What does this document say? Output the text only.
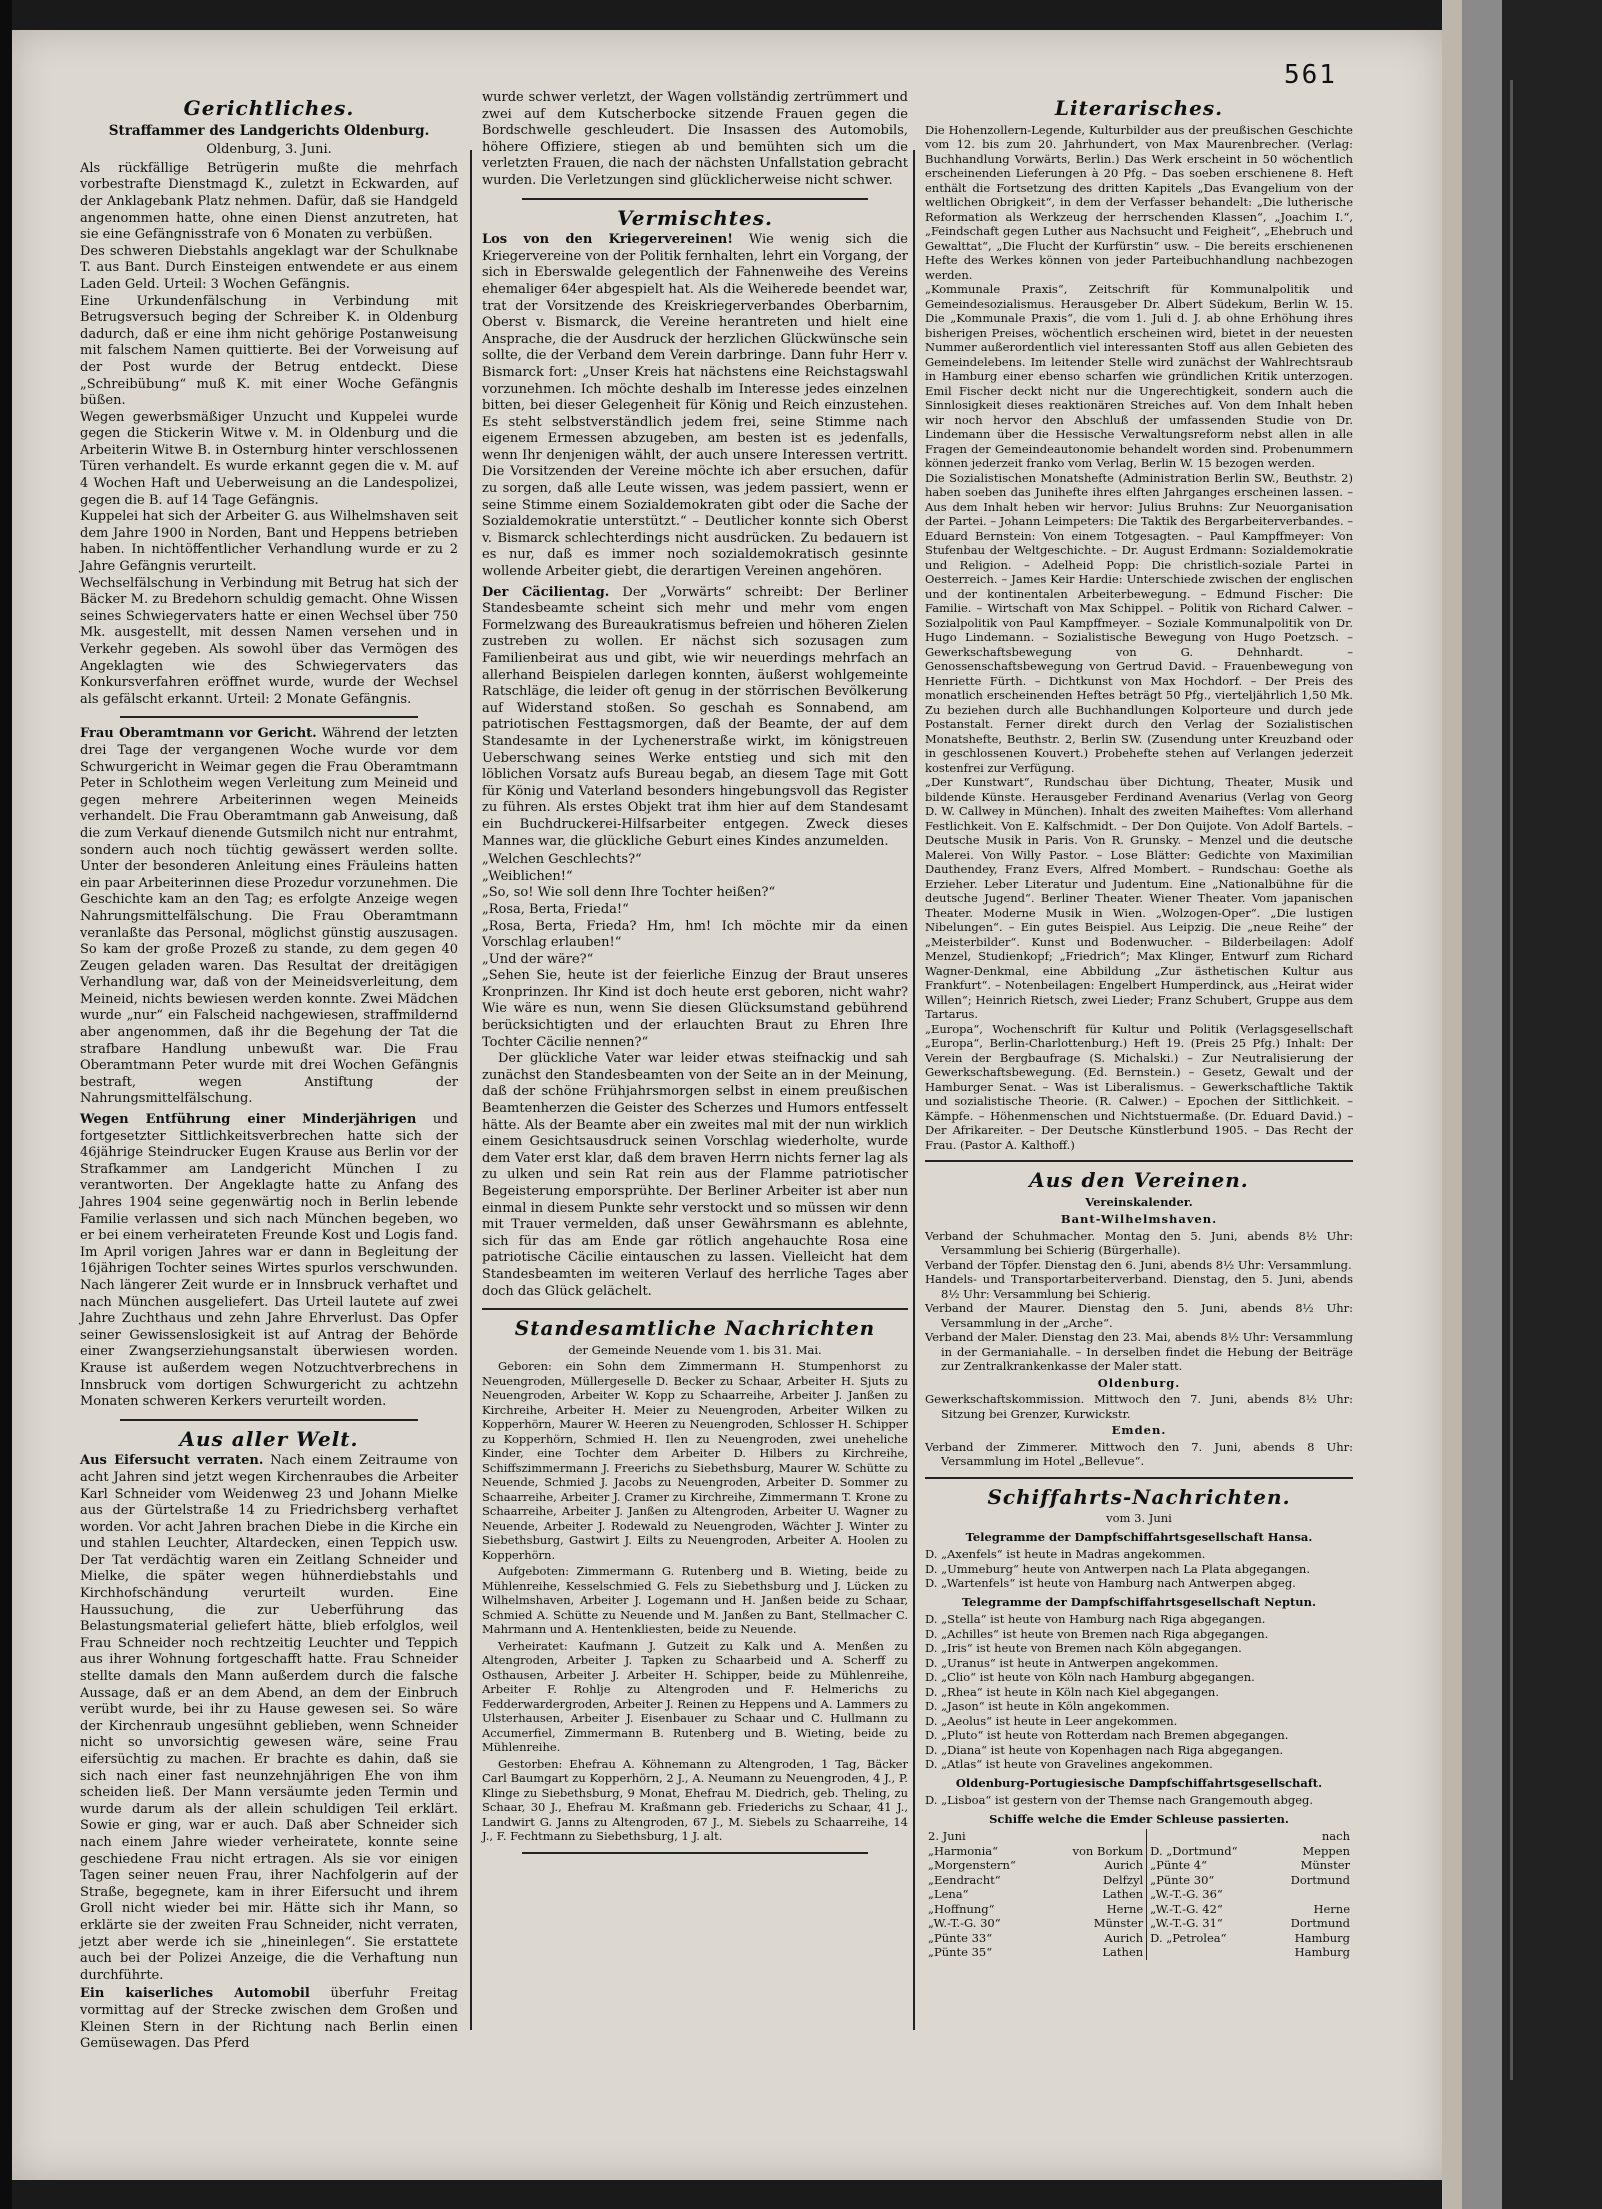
561
Gerichtliches.
Straffammer des Landgerichts Oldenburg.
Oldenburg, 3. Juni.

Als rückfällige Betrügerin mußte die mehrfach vorbestrafte Dienstmagd K., zuletzt in Eckwarden, auf der Anklagebank Platz nehmen. Dafür, daß sie Handgeld angenommen hatte, ohne einen Dienst anzutreten, hat sie eine Gefängnisstrafe von 6 Monaten zu verbüßen.

Des schweren Diebstahls angeklagt war der Schulknabe T. aus Bant. Durch Einsteigen entwendete er aus einem Laden Geld. Urteil: 3 Wochen Gefängnis.

Eine Urkundenfälschung in Verbindung mit Betrugsversuch beging der Schreiber K. in Oldenburg dadurch, daß er eine ihm nicht gehörige Postanweisung mit falschem Namen quittierte. Bei der Vorweisung auf der Post wurde der Betrug entdeckt. Diese „Schreibübung“ muß K. mit einer Woche Gefängnis büßen.

Wegen gewerbsmäßiger Unzucht und Kuppelei wurde gegen die Stickerin Witwe v. M. in Oldenburg und die Arbeiterin Witwe B. in Osternburg hinter verschlossenen Türen verhandelt. Es wurde erkannt gegen die v. M. auf 4 Wochen Haft und Ueberweisung an die Landespolizei, gegen die B. auf 14 Tage Gefängnis.

Kuppelei hat sich der Arbeiter G. aus Wilhelmshaven seit dem Jahre 1900 in Norden, Bant und Heppens betrieben haben. In nichtöffentlicher Verhandlung wurde er zu 2 Jahre Gefängnis verurteilt.

Wechselfälschung in Verbindung mit Betrug hat sich der Bäcker M. zu Bredehorn schuldig gemacht. Ohne Wissen seines Schwiegervaters hatte er einen Wechsel über 750 Mk. ausgestellt, mit dessen Namen versehen und in Verkehr gegeben. Als sowohl über das Vermögen des Angeklagten wie des Schwiegervaters das Konkursverfahren eröffnet wurde, wurde der Wechsel als gefälscht erkannt. Urteil: 2 Monate Gefängnis.

Frau Oberamtmann vor Gericht. Während der letzten drei Tage der vergangenen Woche wurde vor dem Schwurgericht in Weimar gegen die Frau Oberamtmann Peter in Schlotheim wegen Verleitung zum Meineid und gegen mehrere Arbeiterinnen wegen Meineids verhandelt. Die Frau Oberamtmann gab Anweisung, daß die zum Verkauf dienende Gutsmilch nicht nur entrahmt, sondern auch noch tüchtig gewässert werden sollte. Unter der besonderen Anleitung eines Fräuleins hatten ein paar Arbeiterinnen diese Prozedur vorzunehmen. Die Geschichte kam an den Tag; es erfolgte Anzeige wegen Nahrungsmittelfälschung. Die Frau Oberamtmann veranlaßte das Personal, möglichst günstig auszusagen. So kam der große Prozeß zu stande, zu dem gegen 40 Zeugen geladen waren. Das Resultat der dreitägigen Verhandlung war, daß von der Meineidsverleitung, dem Meineid, nichts bewiesen werden konnte. Zwei Mädchen wurde „nur“ ein Falscheid nachgewiesen, straffmildernd aber angenommen, daß ihr die Begehung der Tat die strafbare Handlung unbewußt war. Die Frau Oberamtmann Peter wurde mit drei Wochen Gefängnis bestraft, wegen Anstiftung der Nahrungsmittelfälschung.

Wegen Entführung einer Minderjährigen und fortgesetzter Sittlichkeitsverbrechen hatte sich der 46jährige Steindrucker Eugen Krause aus Berlin vor der Strafkammer am Landgericht München I zu verantworten. Der Angeklagte hatte zu Anfang des Jahres 1904 seine gegenwärtig noch in Berlin lebende Familie verlassen und sich nach München begeben, wo er bei einem verheirateten Freunde Kost und Logis fand. Im April vorigen Jahres war er dann in Begleitung der 16jährigen Tochter seines Wirtes spurlos verschwunden. Nach längerer Zeit wurde er in Innsbruck verhaftet und nach München ausgeliefert. Das Urteil lautete auf zwei Jahre Zuchthaus und zehn Jahre Ehrverlust. Das Opfer seiner Gewissenslosigkeit ist auf Antrag der Behörde einer Zwangserziehungsanstalt überwiesen worden. Krause ist außerdem wegen Notzuchtverbrechens in Innsbruck vom dortigen Schwurgericht zu achtzehn Monaten schweren Kerkers verurteilt worden.

Aus aller Welt.

Aus Eifersucht verraten. Nach einem Zeitraume von acht Jahren sind jetzt wegen Kirchenraubes die Arbeiter Karl Schneider vom Weidenweg 23 und Johann Mielke aus der Gürtelstraße 14 zu Friedrichsberg verhaftet worden. Vor acht Jahren brachen Diebe in die Kirche ein und stahlen Leuchter, Altardecken, einen Teppich usw. Der Tat verdächtig waren ein Zeitlang Schneider und Mielke, die später wegen hühnerdiebstahls und Kirchhofschändung verurteilt wurden. Eine Haussuchung, die zur Ueberführung das Belastungsmaterial geliefert hätte, blieb erfolglos, weil Frau Schneider noch rechtzeitig Leuchter und Teppich aus ihrer Wohnung fortgeschafft hatte. Frau Schneider stellte damals den Mann außerdem durch die falsche Aussage, daß er an dem Abend, an dem der Einbruch verübt wurde, bei ihr zu Hause gewesen sei. So wäre der Kirchenraub ungesühnt geblieben, wenn Schneider nicht so unvorsichtig gewesen wäre, seine Frau eifersüchtig zu machen. Er brachte es dahin, daß sie sich nach einer fast neunzehnjährigen Ehe von ihm scheiden ließ. Der Mann versäumte jeden Termin und wurde darum als der allein schuldigen Teil erklärt. Sowie er ging, war er auch. Daß aber Schneider sich nach einem Jahre wieder verheiratete, konnte seine geschiedene Frau nicht ertragen. Als sie vor einigen Tagen seiner neuen Frau, ihrer Nachfolgerin auf der Straße, begegnete, kam in ihrer Eifersucht und ihrem Groll nicht wieder bei mir. Hätte sich ihr Mann, so erklärte sie der zweiten Frau Schneider, nicht verraten, jetzt aber werde ich sie „hineinlegen“. Sie erstattete auch bei der Polizei Anzeige, die die Verhaftung nun durchführte.

Ein kaiserliches Automobil überfuhr Freitag vormittag auf der Strecke zwischen dem Großen und Kleinen Stern in der Richtung nach Berlin einen Gemüsewagen. Das Pferd

wurde schwer verletzt, der Wagen vollständig zertrümmert und zwei auf dem Kutscherbocke sitzende Frauen gegen die Bordschwelle geschleudert. Die Insassen des Automobils, höhere Offiziere, stiegen ab und bemühten sich um die verletzten Frauen, die nach der nächsten Unfallstation gebracht wurden. Die Verletzungen sind glücklicherweise nicht schwer.

Vermischtes.

Los von den Kriegervereinen! Wie wenig sich die Kriegervereine von der Politik fernhalten, lehrt ein Vorgang, der sich in Eberswalde gelegentlich der Fahnenweihe des Vereins ehemaliger 64er abgespielt hat. Als die Weiherede beendet war, trat der Vorsitzende des Kreiskriegerverbandes Oberbarnim, Oberst v. Bismarck, die Vereine herantreten und hielt eine Ansprache, die der Ausdruck der herzlichen Glückwünsche sein sollte, die der Verband dem Verein darbringe. Dann fuhr Herr v. Bismarck fort: „Unser Kreis hat nächstens eine Reichstagswahl vorzunehmen. Ich möchte deshalb im Interesse jedes einzelnen bitten, bei dieser Gelegenheit für König und Reich einzustehen. Es steht selbstverständlich jedem frei, seine Stimme nach eigenem Ermessen abzugeben, am besten ist es jedenfalls, wenn Ihr denjenigen wählt, der auch unsere Interessen vertritt. Die Vorsitzenden der Vereine möchte ich aber ersuchen, dafür zu sorgen, daß alle Leute wissen, was jedem passiert, wenn er seine Stimme einem Sozialdemokraten gibt oder die Sache der Sozialdemokratie unterstützt.“ – Deutlicher konnte sich Oberst v. Bismarck schlechterdings nicht ausdrücken. Zu bedauern ist es nur, daß es immer noch sozialdemokratisch gesinnte wollende Arbeiter giebt, die derartigen Vereinen angehören.

Der Cäcilientag. Der „Vorwärts“ schreibt: Der Berliner Standesbeamte scheint sich mehr und mehr vom engen Formelzwang des Bureaukratismus befreien und höheren Zielen zustreben zu wollen. Er nächst sich sozusagen zum Familienbeirat aus und gibt, wie wir neuerdings mehrfach an allerhand Beispielen darlegen konnten, äußerst wohlgemeinte Ratschläge, die leider oft genug in der störrischen Bevölkerung auf Widerstand stoßen. So geschah es Sonnabend, am patriotischen Festtagsmorgen, daß der Beamte, der auf dem Standesamte in der Lychenerstraße wirkt, im königstreuen Ueberschwang seines Werke entstieg und sich mit den löblichen Vorsatz aufs Bureau begab, an diesem Tage mit Gott für König und Vaterland besonders hingebungsvoll das Register zu führen. Als erstes Objekt trat ihm hier auf dem Standesamt ein Buchdruckerei-Hilfsarbeiter entgegen. Zweck dieses Mannes war, die glückliche Geburt eines Kindes anzumelden.

„Welchen Geschlechts?“

„Weiblichen!“

„So, so! Wie soll denn Ihre Tochter heißen?“

„Rosa, Berta, Frieda!“

„Rosa, Berta, Frieda? Hm, hm! Ich möchte mir da einen Vorschlag erlauben!“

„Und der wäre?“

„Sehen Sie, heute ist der feierliche Einzug der Braut unseres Kronprinzen. Ihr Kind ist doch heute erst geboren, nicht wahr? Wie wäre es nun, wenn Sie diesen Glücksumstand gebührend berücksichtigten und der erlauchten Braut zu Ehren Ihre Tochter Cäcilie nennen?“

Der glückliche Vater war leider etwas steifnackig und sah zunächst den Standesbeamten von der Seite an in der Meinung, daß der schöne Frühjahrsmorgen selbst in einem preußischen Beamtenherzen die Geister des Scherzes und Humors entfesselt hätte. Als der Beamte aber ein zweites mal mit der nun wirklich einem Gesichtsausdruck seinen Vorschlag wiederholte, wurde dem Vater erst klar, daß dem braven Herrn nichts ferner lag als zu ulken und sein Rat rein aus der Flamme patriotischer Begeisterung emporsprühte. Der Berliner Arbeiter ist aber nun einmal in diesem Punkte sehr verstockt und so müssen wir denn mit Trauer vermelden, daß unser Gewährsmann es ablehnte, sich für das am Ende gar rötlich angehauchte Rosa eine patriotische Cäcilie eintauschen zu lassen. Vielleicht hat dem Standesbeamten im weiteren Verlauf des herrliche Tages aber doch das Glück gelächelt.

Standesamtliche Nachrichten
der Gemeinde Neuende vom 1. bis 31. Mai.

Geboren: ein Sohn dem Zimmermann H. Stumpenhorst zu Neuengroden, Müllergeselle D. Becker zu Schaar, Arbeiter H. Sjuts zu Neuengroden, Arbeiter W. Kopp zu Schaarreihe, Arbeiter J. Janßen zu Kirchreihe, Arbeiter H. Meier zu Neuengroden, Arbeiter Wilken zu Kopperhörn, Maurer W. Heeren zu Neuengroden, Schlosser H. Schipper zu Kopperhörn, Schmied H. Ilen zu Neuengroden, zwei uneheliche Kinder, eine Tochter dem Arbeiter D. Hilbers zu Kirchreihe, Schiffszimmermann J. Freerichs zu Siebethsburg, Maurer W. Schütte zu Neuende, Schmied J. Jacobs zu Neuengroden, Arbeiter D. Sommer zu Schaarreihe, Arbeiter J. Cramer zu Kirchreihe, Zimmermann T. Krone zu Schaarreihe, Arbeiter J. Janßen zu Altengroden, Arbeiter U. Wagner zu Neuende, Arbeiter J. Rodewald zu Neuengroden, Wächter J. Winter zu Siebethsburg, Gastwirt J. Eilts zu Neuengroden, Arbeiter A. Hoolen zu Kopperhörn.

Aufgeboten: Zimmermann G. Rutenberg und B. Wieting, beide zu Mühlenreihe, Kesselschmied G. Fels zu Siebethsburg und J. Lücken zu Wilhelmshaven, Arbeiter J. Logemann und H. Janßen beide zu Schaar, Schmied A. Schütte zu Neuende und M. Janßen zu Bant, Stellmacher C. Mahrmann und A. Hentenkliesten, beide zu Neuende.

Verheiratet: Kaufmann J. Gutzeit zu Kalk und A. Menßen zu Altengroden, Arbeiter J. Tapken zu Schaarbeid und A. Scherff zu Osthausen, Arbeiter J. Arbeiter H. Schipper, beide zu Mühlenreihe, Arbeiter F. Rohlje zu Altengroden und F. Helmerichs zu Fedderwardergroden, Arbeiter J. Reinen zu Heppens und A. Lammers zu Ulsterhausen, Arbeiter J. Eisenbauer zu Schaar und C. Hullmann zu Accumerfiel, Zimmermann B. Rutenberg und B. Wieting, beide zu Mühlenreihe.

Gestorben: Ehefrau A. Köhnemann zu Altengroden, 1 Tag, Bäcker Carl Baumgart zu Kopperhörn, 2 J., A. Neumann zu Neuengroden, 4 J., P. Klinge zu Siebethsburg, 9 Monat, Ehefrau M. Diedrich, geb. Theling, zu Schaar, 30 J., Ehefrau M. Kraßmann geb. Friederichs zu Schaar, 41 J., Landwirt G. Janns zu Altengroden, 67 J., M. Siebels zu Schaarreihe, 14 J., F. Fechtmann zu Siebethsburg, 1 J. alt.

Literarisches.

Die Hohenzollern-Legende, Kulturbilder aus der preußischen Geschichte vom 12. bis zum 20. Jahrhundert, von Max Maurenbrecher. (Verlag: Buchhandlung Vorwärts, Berlin.) Das Werk erscheint in 50 wöchentlich erscheinenden Lieferungen à 20 Pfg. – Das soeben erschienene 8. Heft enthält die Fortsetzung des dritten Kapitels „Das Evangelium von der weltlichen Obrigkeit“, in dem der Verfasser behandelt: „Die lutherische Reformation als Werkzeug der herrschenden Klassen“, „Joachim I.“, „Feindschaft gegen Luther aus Nachsucht und Feigheit“, „Ehebruch und Gewalttat“, „Die Flucht der Kurfürstin“ usw. – Die bereits erschienenen Hefte des Werkes können von jeder Parteibuchhandlung nachbezogen werden.

„Kommunale Praxis“, Zeitschrift für Kommunalpolitik und Gemeindesozialismus. Herausgeber Dr. Albert Südekum, Berlin W. 15. Die „Kommunale Praxis“, die vom 1. Juli d. J. ab ohne Erhöhung ihres bisherigen Preises, wöchentlich erscheinen wird, bietet in der neuesten Nummer außerordentlich viel interessanten Stoff aus allen Gebieten des Gemeindelebens. Im leitender Stelle wird zunächst der Wahlrechtsraub in Hamburg einer ebenso scharfen wie gründlichen Kritik unterzogen. Emil Fischer deckt nicht nur die Ungerechtigkeit, sondern auch die Sinnlosigkeit dieses reaktionären Streiches auf. Von dem Inhalt heben wir noch hervor den Abschluß der umfassenden Studie von Dr. Lindemann über die Hessische Verwaltungsreform nebst allen in alle Fragen der Gemeindeautonomie behandelt worden sind. Probenummern können jederzeit franko vom Verlag, Berlin W. 15 bezogen werden.

Die Sozialistischen Monatshefte (Administration Berlin SW., Beuthstr. 2) haben soeben das Junihefte ihres elften Jahrganges erscheinen lassen. – Aus dem Inhalt heben wir hervor: Julius Bruhns: Zur Neuorganisation der Partei. – Johann Leimpeters: Die Taktik des Bergarbeiterverbandes. – Eduard Bernstein: Von einem Totgesagten. – Paul Kampffmeyer: Von Stufenbau der Weltgeschichte. – Dr. August Erdmann: Sozialdemokratie und Religion. – Adelheid Popp: Die christlich-soziale Partei in Oesterreich. – James Keir Hardie: Unterschiede zwischen der englischen und der kontinentalen Arbeiterbewegung. – Edmund Fischer: Die Familie. – Wirtschaft von Max Schippel. – Politik von Richard Calwer. – Sozialpolitik von Paul Kampffmeyer. – Soziale Kommunalpolitik von Dr. Hugo Lindemann. – Sozialistische Bewegung von Hugo Poetzsch. – Gewerkschaftsbewegung von G. Dehnhardt. – Genossenschaftsbewegung von Gertrud David. – Frauenbewegung von Henriette Fürth. – Dichtkunst von Max Hochdorf. – Der Preis des monatlich erscheinenden Heftes beträgt 50 Pfg., vierteljährlich 1,50 Mk. Zu beziehen durch alle Buchhandlungen Kolporteure und durch jede Postanstalt. Ferner direkt durch den Verlag der Sozialistischen Monatshefte, Beuthstr. 2, Berlin SW. (Zusendung unter Kreuzband oder in geschlossenen Kouvert.) Probehefte stehen auf Verlangen jederzeit kostenfrei zur Verfügung.

„Der Kunstwart“, Rundschau über Dichtung, Theater, Musik und bildende Künste. Herausgeber Ferdinand Avenarius (Verlag von Georg D. W. Callwey in München). Inhalt des zweiten Maiheftes: Vom allerhand Festlichkeit. Von E. Kalfschmidt. – Der Don Quijote. Von Adolf Bartels. – Deutsche Musik in Paris. Von R. Grunsky. – Menzel und die deutsche Malerei. Von Willy Pastor. – Lose Blätter: Gedichte von Maximilian Dauthendey, Franz Evers, Alfred Mombert. – Rundschau: Goethe als Erzieher. Leber Literatur und Judentum. Eine „Nationalbühne für die deutsche Jugend“. Berliner Theater. Wiener Theater. Vom japanischen Theater. Moderne Musik in Wien. „Wolzogen-Oper“. „Die lustigen Nibelungen“. – Ein gutes Beispiel. Aus Leipzig. Die „neue Reihe“ der „Meisterbilder“. Kunst und Bodenwucher. – Bilderbeilagen: Adolf Menzel, Studienkopf; „Friedrich“; Max Klinger, Entwurf zum Richard Wagner-Denkmal, eine Abbildung „Zur ästhetischen Kultur aus Frankfurt“. – Notenbeilagen: Engelbert Humperdinck, aus „Heirat wider Willen“; Heinrich Rietsch, zwei Lieder; Franz Schubert, Gruppe aus dem Tartarus.

„Europa“, Wochenschrift für Kultur und Politik (Verlagsgesellschaft „Europa“, Berlin-Charlottenburg.) Heft 19. (Preis 25 Pfg.) Inhalt: Der Verein der Bergbaufrage (S. Michalski.) – Zur Neutralisierung der Gewerkschaftsbewegung. (Ed. Bernstein.) – Gesetz, Gewalt und der Hamburger Senat. – Was ist Liberalismus. – Gewerkschaftliche Taktik und sozialistische Theorie. (R. Calwer.) – Epochen der Sittlichkeit. – Kämpfe. – Höhenmenschen und Nichtstuermaße. (Dr. Eduard David.) – Der Afrikareiter. – Der Deutsche Künstlerbund 1905. – Das Recht der Frau. (Pastor A. Kalthoff.)

Aus den Vereinen.
Vereinskalender.
Bant-Wilhelmshaven.

Verband der Schuhmacher. Montag den 5. Juni, abends 8½ Uhr: Versammlung bei Schierig (Bürgerhalle).

Verband der Töpfer. Dienstag den 6. Juni, abends 8½ Uhr: Versammlung.

Handels- und Transportarbeiterverband. Dienstag, den 5. Juni, abends 8½ Uhr: Versammlung bei Schierig.

Verband der Maurer. Dienstag den 5. Juni, abends 8½ Uhr: Versammlung in der „Arche“.

Verband der Maler. Dienstag den 23. Mai, abends 8½ Uhr: Versammlung in der Germaniahalle. – In derselben findet die Hebung der Beiträge zur Zentralkrankenkasse der Maler statt.

Oldenburg.

Gewerkschaftskommission. Mittwoch den 7. Juni, abends 8½ Uhr: Sitzung bei Grenzer, Kurwickstr.

Emden.

Verband der Zimmerer. Mittwoch den 7. Juni, abends 8 Uhr: Versammlung im Hotel „Bellevue“.

Schiffahrts-Nachrichten.
vom 3. Juni
Telegramme der Dampfschiffahrtsgesellschaft Hansa.

D. „Axenfels“ ist heute in Madras angekommen.

D. „Ummeburg“ heute von Antwerpen nach La Plata abgegangen.

D. „Wartenfels“ ist heute von Hamburg nach Antwerpen abgeg.

Telegramme der Dampfschiffahrtsgesellschaft Neptun.

D. „Stella“ ist heute von Hamburg nach Riga abgegangen.

D. „Achilles“ ist heute von Bremen nach Riga abgegangen.

D. „Iris“ ist heute von Bremen nach Köln abgegangen.

D. „Uranus“ ist heute in Antwerpen angekommen.

D. „Clio“ ist heute von Köln nach Hamburg abgegangen.

D. „Rhea“ ist heute in Köln nach Kiel abgegangen.

D. „Jason“ ist heute in Köln angekommen.

D. „Aeolus“ ist heute in Leer angekommen.

D. „Pluto“ ist heute von Rotterdam nach Bremen abgegangen.

D. „Diana“ ist heute von Kopenhagen nach Riga abgegangen.

D. „Atlas“ ist heute von Gravelines angekommen.

Oldenburg-Portugiesische Dampfschiffahrtsgesellschaft.

D. „Lisboa“ ist gestern von der Themse nach Grangemouth abgeg.

Schiffe welche die Emder Schleuse passierten.
2. Juni		nach	
„Harmonia“	von Borkum	D. „Dortmund“	Meppen
„Morgenstern“	Aurich	„Pünte 4“	Münster
„Eendracht“	Delfzyl	„Pünte 30“	Dortmund
„Lena“	Lathen	„W.-T.-G. 36“	
„Hoffnung“	Herne	„W.-T.-G. 42“	Herne
„W.-T.-G. 30“	Münster	„W.-T.-G. 31“	Dortmund
„Pünte 33“	Aurich	D. „Petrolea“	Hamburg
„Pünte 35“	Lathen		Hamburg
